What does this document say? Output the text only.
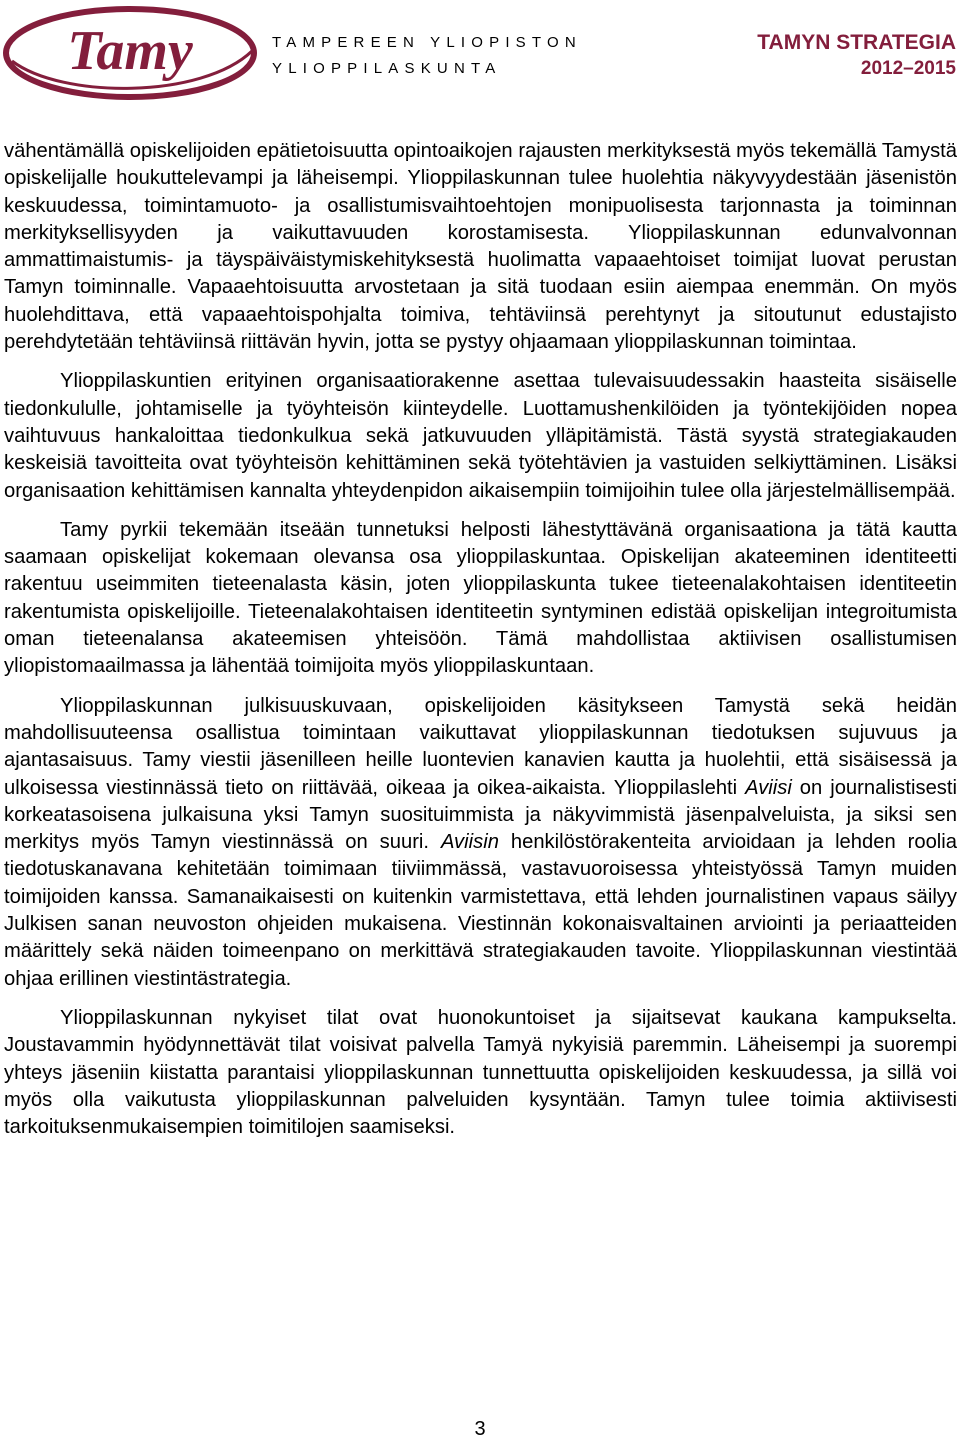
Tamy	TAMPEREEN YLIOPISTON
YLIOPPILASKUNTA
TAMYN STRATEGIA
2012–2015

vähentämällä opiskelijoiden epätietoisuutta opintoaikojen rajausten merkityksestä myös tekemällä Tamystä opiskelijalle houkuttelevampi ja läheisempi. Ylioppilaskunnan tulee huolehtia näkyvyydestään jäsenistön keskuudessa, toimintamuoto- ja osallistumisvaihtoehtojen monipuolisesta tarjonnasta ja toiminnan merkityksellisyyden ja vaikuttavuuden korostamisesta. Ylioppilaskunnan edunvalvonnan ammattimaistumis- ja täyspäiväistymiskehityksestä huolimatta vapaaehtoiset toimijat luovat perustan Tamyn toiminnalle. Vapaaehtoisuutta arvostetaan ja sitä tuodaan esiin aiempaa enemmän. On myös huolehdittava, että vapaaehtoispohjalta toimiva, tehtäviinsä perehtynyt ja sitoutunut edustajisto perehdytetään tehtäviinsä riittävän hyvin, jotta se pystyy ohjaamaan ylioppilaskunnan toimintaa.

Ylioppilaskuntien erityinen organisaatiorakenne asettaa tulevaisuudessakin haasteita sisäiselle tiedonkululle, johtamiselle ja työyhteisön kiinteydelle. Luottamushenkilöiden ja työntekijöiden nopea vaihtuvuus hankaloittaa tiedonkulkua sekä jatkuvuuden ylläpitämistä. Tästä syystä strategiakauden keskeisiä tavoitteita ovat työyhteisön kehittäminen sekä työtehtävien ja vastuiden selkiyttäminen. Lisäksi organisaation kehittämisen kannalta yhteydenpidon aikaisempiin toimijoihin tulee olla järjestelmällisempää.

Tamy pyrkii tekemään itseään tunnetuksi helposti lähestyttävänä organisaationa ja tätä kautta saamaan opiskelijat kokemaan olevansa osa ylioppilaskuntaa. Opiskelijan akateeminen identiteetti rakentuu useimmiten tieteenalasta käsin, joten ylioppilaskunta tukee tieteenalakohtaisen identiteetin rakentumista opiskelijoille. Tieteenalakohtaisen identiteetin syntyminen edistää opiskelijan integroitumista oman tieteenalansa akateemisen yhteisöön. Tämä mahdollistaa aktiivisen osallistumisen yliopistomaailmassa ja lähentää toimijoita myös ylioppilaskuntaan.

Ylioppilaskunnan julkisuuskuvaan, opiskelijoiden käsitykseen Tamystä sekä heidän mahdollisuuteensa osallistua toimintaan vaikuttavat ylioppilaskunnan tiedotuksen sujuvuus ja ajantasaisuus. Tamy viestii jäsenilleen heille luontevien kanavien kautta ja huolehtii, että sisäisessä ja ulkoisessa viestinnässä tieto on riittävää, oikeaa ja oikea-aikaista. Ylioppilaslehti Aviisi on journalistisesti korkeatasoisena julkaisuna yksi Tamyn suosituimmista ja näkyvimmistä jäsenpalveluista, ja siksi sen merkitys myös Tamyn viestinnässä on suuri. Aviisin henkilöstörakenteita arvioidaan ja lehden roolia tiedotuskanavana kehitetään toimimaan tiiviimmässä, vastavuoroisessa yhteistyössä Tamyn muiden toimijoiden kanssa. Samanaikaisesti on kuitenkin varmistettava, että lehden journalistinen vapaus säilyy Julkisen sanan neuvoston ohjeiden mukaisena. Viestinnän kokonaisvaltainen arviointi ja periaatteiden määrittely sekä näiden toimeenpano on merkittävä strategiakauden tavoite. Ylioppilaskunnan viestintää ohjaa erillinen viestintästrategia.

Ylioppilaskunnan nykyiset tilat ovat huonokuntoiset ja sijaitsevat kaukana kampukselta. Joustavammin hyödynnettävät tilat voisivat palvella Tamyä nykyisiä paremmin. Läheisempi ja suorempi yhteys jäseniin kiistatta parantaisi ylioppilaskunnan tunnettuutta opiskelijoiden keskuudessa, ja sillä voi myös olla vaikutusta ylioppilaskunnan palveluiden kysyntään. Tamyn tulee toimia aktiivisesti tarkoituksenmukaisempien toimitilojen saamiseksi.

3
